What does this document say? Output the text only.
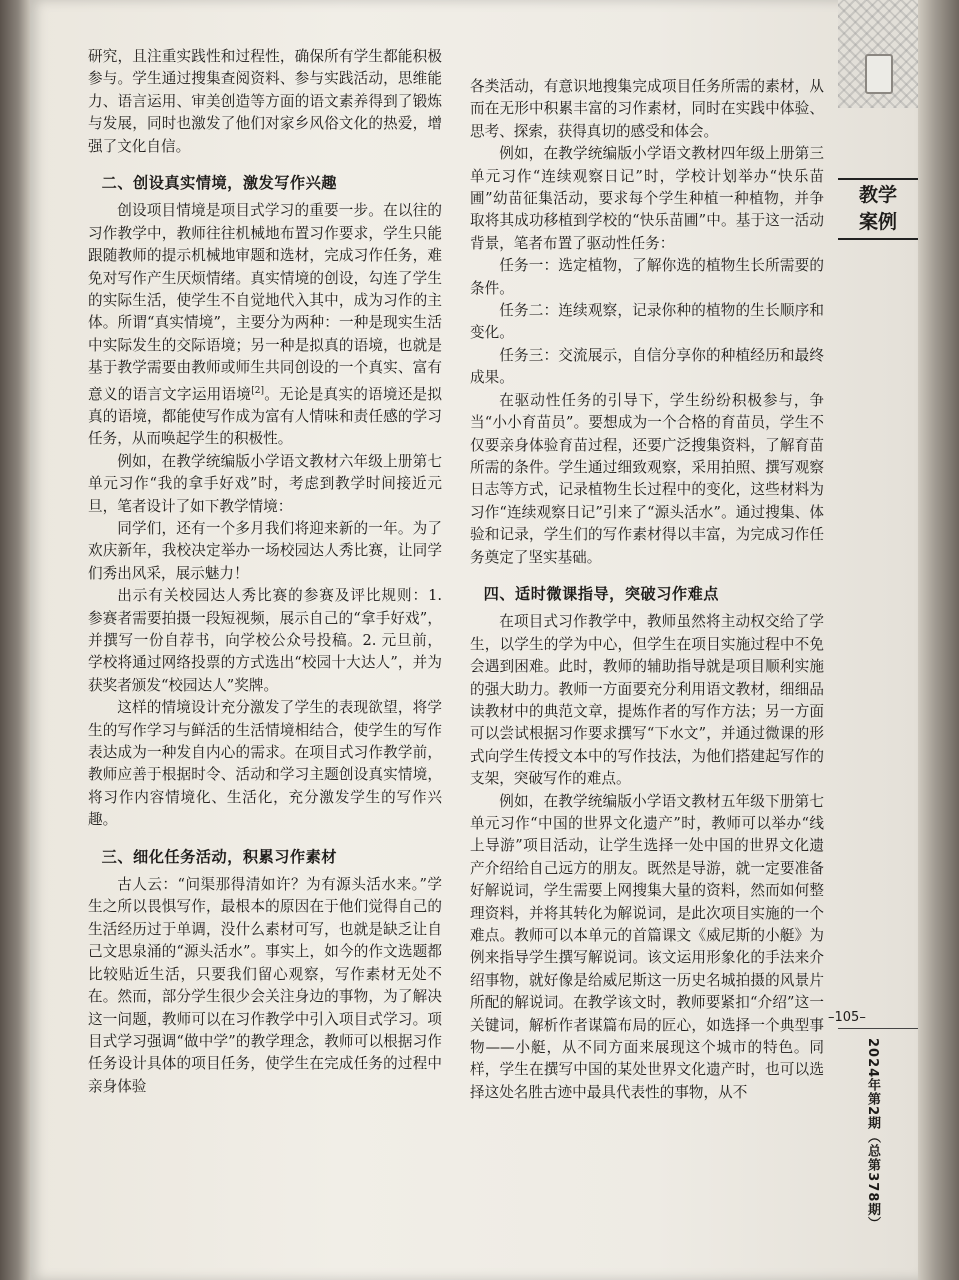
教学
案例

研究，且注重实践性和过程性，确保所有学生都能积极参与。学生通过搜集查阅资料、参与实践活动，思维能力、语言运用、审美创造等方面的语文素养得到了锻炼与发展，同时也激发了他们对家乡风俗文化的热爱，增强了文化自信。

二、创设真实情境，激发写作兴趣

创设项目情境是项目式学习的重要一步。在以往的习作教学中，教师往往机械地布置习作要求，学生只能跟随教师的提示机械地审题和选材，完成习作任务，难免对写作产生厌烦情绪。真实情境的创设，勾连了学生的实际生活，使学生不自觉地代入其中，成为习作的主体。所谓“真实情境”，主要分为两种：一种是现实生活中实际发生的交际语境；另一种是拟真的语境，也就是基于教学需要由教师或师生共同创设的一个真实、富有意义的语言文字运用语境[2]。无论是真实的语境还是拟真的语境，都能使写作成为富有人情味和责任感的学习任务，从而唤起学生的积极性。

例如，在教学统编版小学语文教材六年级上册第七单元习作“我的拿手好戏”时，考虑到教学时间接近元旦，笔者设计了如下教学情境：

同学们，还有一个多月我们将迎来新的一年。为了欢庆新年，我校决定举办一场校园达人秀比赛，让同学们秀出风采，展示魅力！

出示有关校园达人秀比赛的参赛及评比规则：1. 参赛者需要拍摄一段短视频，展示自己的“拿手好戏”，并撰写一份自荐书，向学校公众号投稿。2. 元旦前，学校将通过网络投票的方式选出“校园十大达人”，并为获奖者颁发“校园达人”奖牌。

这样的情境设计充分激发了学生的表现欲望，将学生的写作学习与鲜活的生活情境相结合，使学生的写作表达成为一种发自内心的需求。在项目式习作教学前，教师应善于根据时令、活动和学习主题创设真实情境，将习作内容情境化、生活化，充分激发学生的写作兴趣。

三、细化任务活动，积累习作素材

古人云：“问渠那得清如许？为有源头活水来。”学生之所以畏惧写作，最根本的原因在于他们觉得自己的生活经历过于单调，没什么素材可写，也就是缺乏让自己文思泉涌的“源头活水”。事实上，如今的作文选题都比较贴近生活，只要我们留心观察，写作素材无处不在。然而，部分学生很少会关注身边的事物，为了解决这一问题，教师可以在习作教学中引入项目式学习。项目式学习强调“做中学”的教学理念，教师可以根据习作任务设计具体的项目任务，使学生在完成任务的过程中亲身体验

各类活动，有意识地搜集完成项目任务所需的素材，从而在无形中积累丰富的习作素材，同时在实践中体验、思考、探索，获得真切的感受和体会。

例如，在教学统编版小学语文教材四年级上册第三单元习作“连续观察日记”时，学校计划举办“快乐苗圃”幼苗征集活动，要求每个学生种植一种植物，并争取将其成功移植到学校的“快乐苗圃”中。基于这一活动背景，笔者布置了驱动性任务：

任务一：选定植物，了解你选的植物生长所需要的条件。

任务二：连续观察，记录你种的植物的生长顺序和变化。

任务三：交流展示，自信分享你的种植经历和最终成果。

在驱动性任务的引导下，学生纷纷积极参与，争当“小小育苗员”。要想成为一个合格的育苗员，学生不仅要亲身体验育苗过程，还要广泛搜集资料，了解育苗所需的条件。学生通过细致观察，采用拍照、撰写观察日志等方式，记录植物生长过程中的变化，这些材料为习作“连续观察日记”引来了“源头活水”。通过搜集、体验和记录，学生们的写作素材得以丰富，为完成习作任务奠定了坚实基础。

四、适时微课指导，突破习作难点

在项目式习作教学中，教师虽然将主动权交给了学生，以学生的学为中心，但学生在项目实施过程中不免会遇到困难。此时，教师的辅助指导就是项目顺利实施的强大助力。教师一方面要充分利用语文教材，细细品读教材中的典范文章，提炼作者的写作方法；另一方面可以尝试根据习作要求撰写“下水文”，并通过微课的形式向学生传授文本中的写作技法，为他们搭建起写作的支架，突破写作的难点。

例如，在教学统编版小学语文教材五年级下册第七单元习作“中国的世界文化遗产”时，教师可以举办“线上导游”项目活动，让学生选择一处中国的世界文化遗产介绍给自己远方的朋友。既然是导游，就一定要准备好解说词，学生需要上网搜集大量的资料，然而如何整理资料，并将其转化为解说词，是此次项目实施的一个难点。教师可以本单元的首篇课文《威尼斯的小艇》为例来指导学生撰写解说词。该文运用形象化的手法来介绍事物，就好像是给威尼斯这一历史名城拍摄的风景片所配的解说词。在教学该文时，教师要紧扣“介绍”这一关键词，解析作者谋篇布局的匠心，如选择一个典型事物——小艇，从不同方面来展现这个城市的特色。同样，学生在撰写中国的某处世界文化遗产时，也可以选择这处名胜古迹中最具代表性的事物，从不

–105–
2024年第2期（总第378期）
